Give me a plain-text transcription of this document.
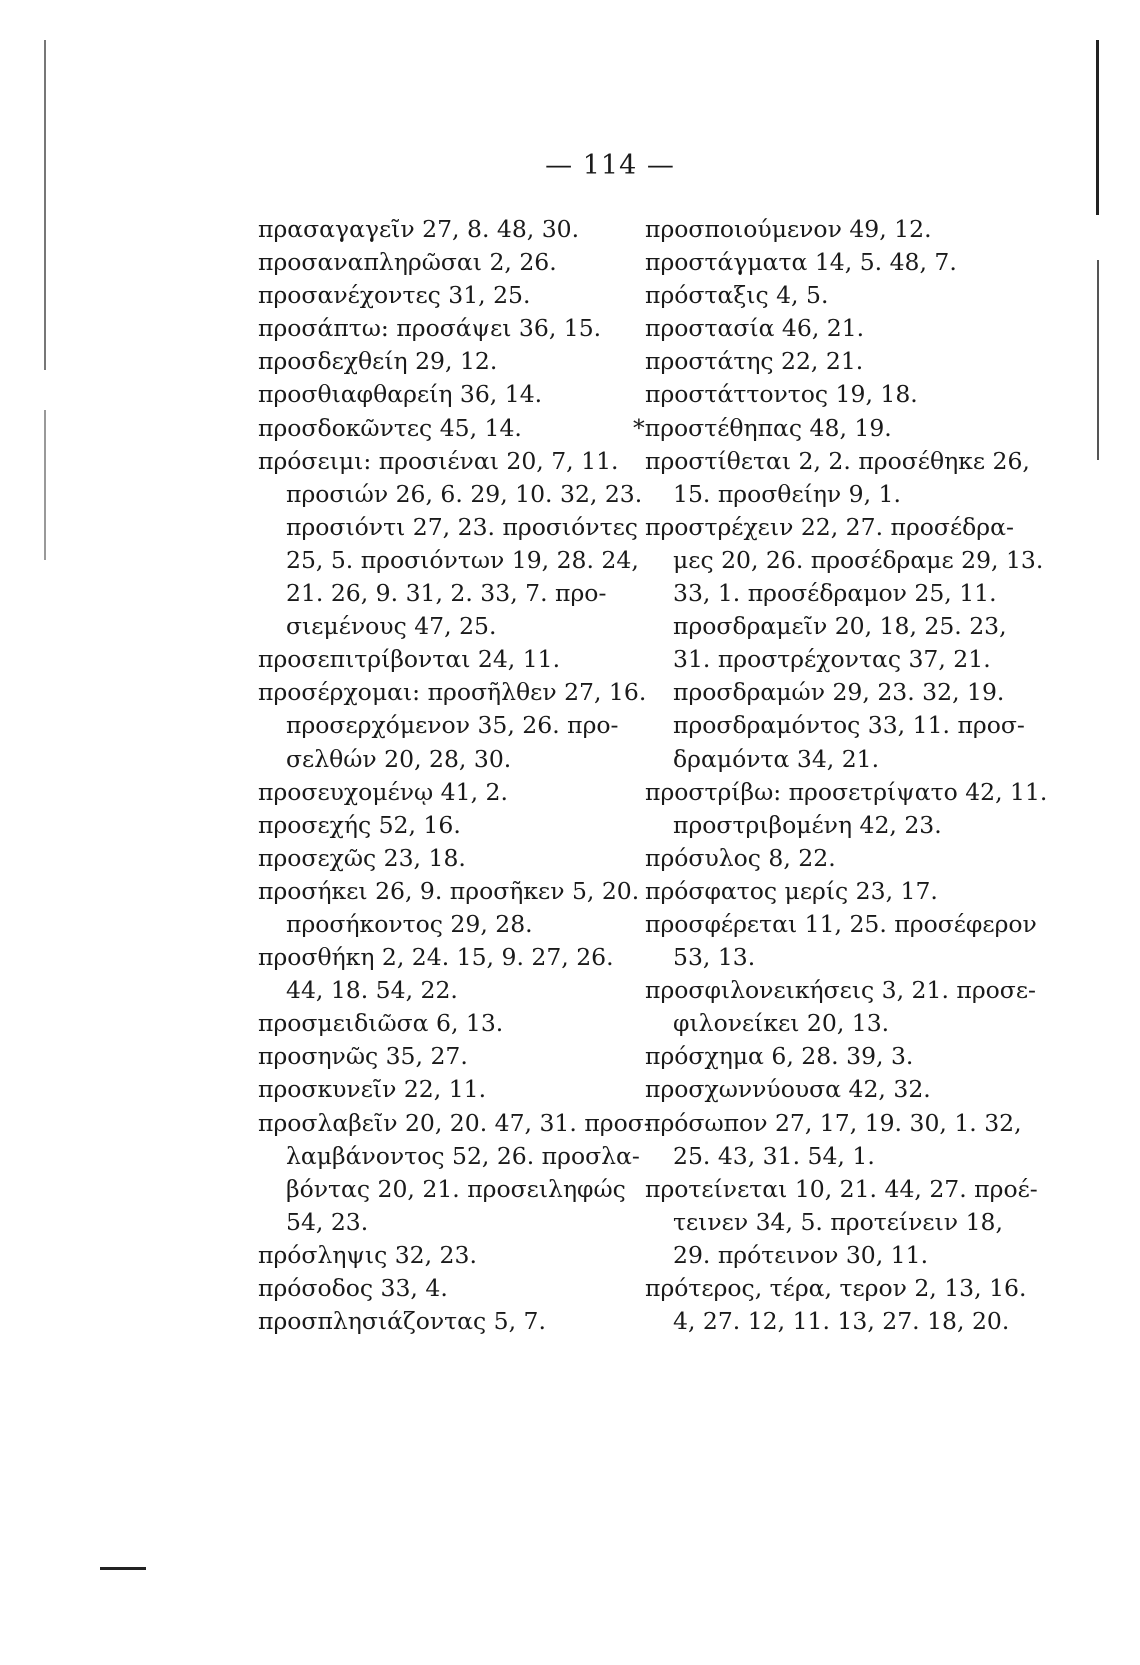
— 114 —
πρασαγαγεῖν 27, 8. 48, 30.
προσαναπληρῶσαι 2, 26.
προσανέχοντες 31, 25.
προσάπτω: προσάψει 36, 15.
προσδεχθείη 29, 12.
προσθιαφθαρείη 36, 14.
προσδοκῶντες 45, 14.
πρόσειμι: προσιέναι 20, 7, 11.
προσιών 26, 6. 29, 10. 32, 23.
προσιόντι 27, 23. προσιόντες
25, 5. προσιόντων 19, 28. 24,
21. 26, 9. 31, 2. 33, 7. προ-
σιεμένους 47, 25.
προσεπιτρίβονται 24, 11.
προσέρχομαι: προσῆλθεν 27, 16.
προσερχόμενον 35, 26. προ-
σελθών 20, 28, 30.
προσευχομένῳ 41, 2.
προσεχής 52, 16.
προσεχῶς 23, 18.
προσήκει 26, 9. προσῆκεν 5, 20.
προσήκοντος 29, 28.
προσθήκη 2, 24. 15, 9. 27, 26.
44, 18. 54, 22.
προσμειδιῶσα 6, 13.
προσηνῶς 35, 27.
προσκυνεῖν 22, 11.
προσλαβεῖν 20, 20. 47, 31. προσ-
λαμβάνοντος 52, 26. προσλα-
βόντας 20, 21. προσειληφώς
54, 23.
πρόσληψις 32, 23.
πρόσοδος 33, 4.
προσπλησιάζοντας 5, 7.
προσποιούμενον 49, 12.
προστάγματα 14, 5. 48, 7.
πρόσταξις 4, 5.
προστασία 46, 21.
προστάτης 22, 21.
προστάττοντος 19, 18.
*προστέθηπας 48, 19.
προστίθεται 2, 2. προσέθηκε 26,
15. προσθείην 9, 1.
προστρέχειν 22, 27. προσέδρα-
μες 20, 26. προσέδραμε 29, 13.
33, 1. προσέδραμον 25, 11.
προσδραμεῖν 20, 18, 25. 23,
31. προστρέχοντας 37, 21.
προσδραμών 29, 23. 32, 19.
προσδραμόντος 33, 11. προσ-
δραμόντα 34, 21.
προστρίβω: προσετρίψατο 42, 11.
προστριβομένη 42, 23.
πρόσυλος 8, 22.
πρόσφατος μερίς 23, 17.
προσφέρεται 11, 25. προσέφερον
53, 13.
προσφιλονεικήσεις 3, 21. προσε-
φιλονείκει 20, 13.
πρόσχημα 6, 28. 39, 3.
προσχωννύουσα 42, 32.
πρόσωπον 27, 17, 19. 30, 1. 32,
25. 43, 31. 54, 1.
προτείνεται 10, 21. 44, 27. προέ-
τεινεν 34, 5. προτείνειν 18,
29. πρότεινον 30, 11.
πρότερος, τέρα, τερον 2, 13, 16.
4, 27. 12, 11. 13, 27. 18, 20.
